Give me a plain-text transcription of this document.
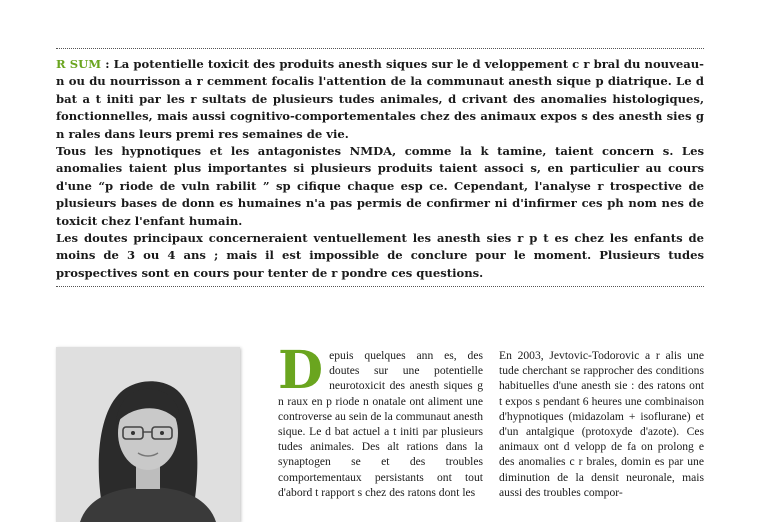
R SUM : La potentielle toxicit des produits anesth siques sur le d veloppement c r bral du nouveau-n ou du nourrisson a r cemment focalis l'attention de la communaut anesth sique p diatrique. Le d bat a t initi par les r sultats de plusieurs tudes animales, d crivant des anomalies histologiques, fonctionnelles, mais aussi cognitivo-comportementales chez des animaux expos s des anesth sies g n rales dans leurs premi res semaines de vie.

Tous les hypnotiques et les antagonistes NMDA, comme la k tamine, taient concern s. Les anomalies taient plus importantes si plusieurs produits taient associ s, en particulier au cours d'une “p riode de vuln rabilit ” sp cifique chaque esp ce. Cependant, l'analyse r trospective de plusieurs bases de donn es humaines n'a pas permis de confirmer ni d'infirmer ces ph nom nes de toxicit chez l'enfant humain.

Les doutes principaux concerneraient ventuellement les anesth sies r p t es chez les enfants de moins de 3 ou 4 ans ; mais il est impossible de conclure pour le moment. Plusieurs tudes prospectives sont en cours pour tenter de r pondre ces questions.

Depuis quelques ann es, des doutes sur une potentielle neurotoxicit des anesth siques g n raux en p riode n onatale ont aliment une controverse au sein de la communaut anesth sique. Le d bat actuel a t initi par plusieurs tudes animales. Des alt rations dans la synaptogen se et des troubles comportementaux persistants ont tout d'abord t rapport s chez des ratons dont les

En 2003, Jevtovic-Todorovic a r alis une tude cherchant se rapprocher des conditions habituelles d'une anesth sie : des ratons ont t expos s pendant 6 heures une combinaison d'hypnotiques (midazolam + isoflurane) et d'un antalgique (protoxyde d'azote). Ces animaux ont d velopp de fa on prolong e des anomalies c r brales, domin es par une diminution de la densit neuronale, mais aussi des troubles compor-
